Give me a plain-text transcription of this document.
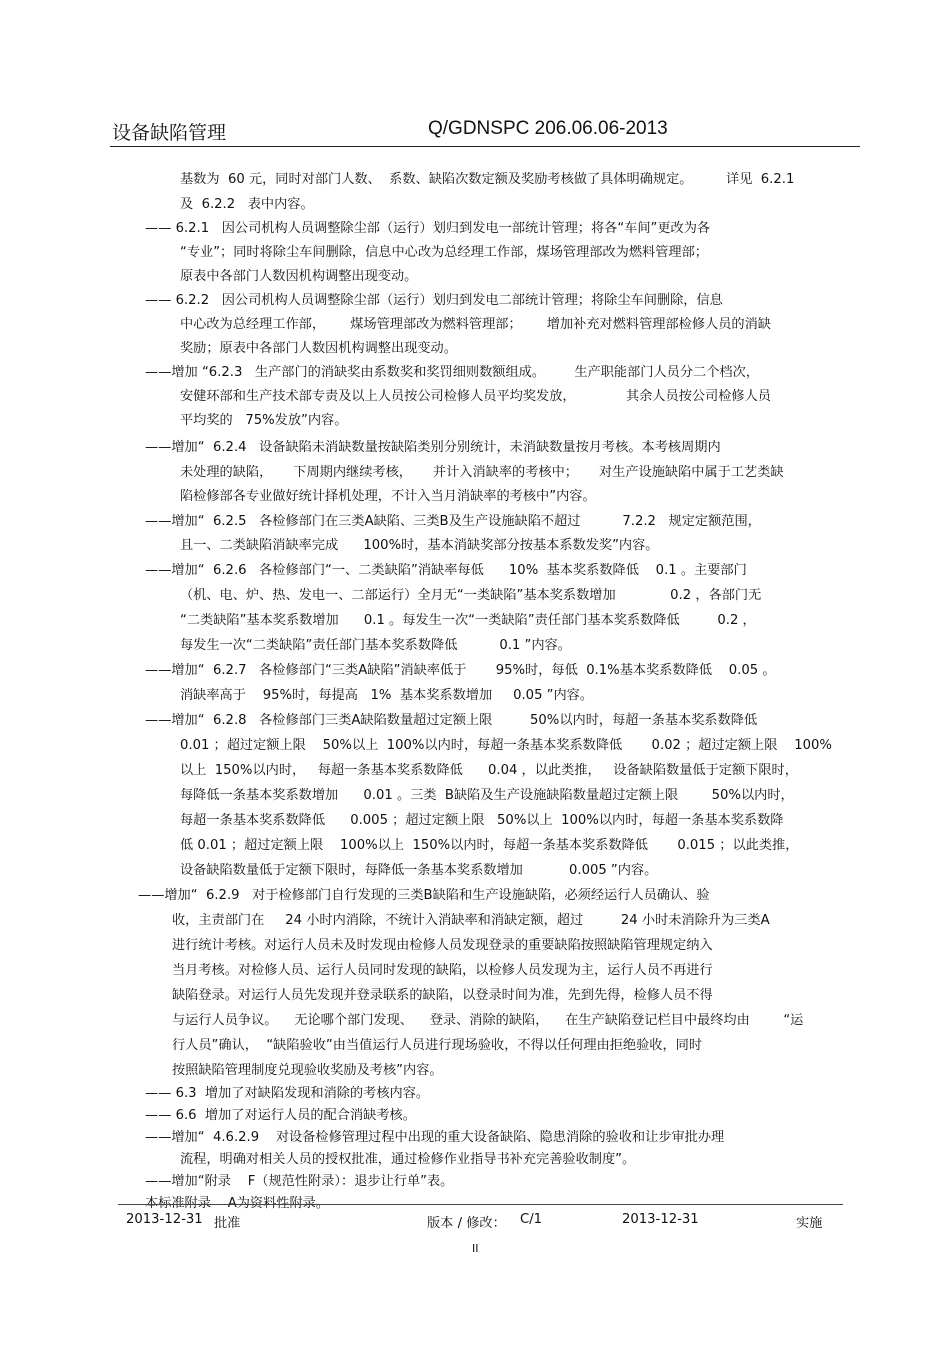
设备缺陷管理	Q/GDNSPC 206.06.06-2013
基数为  60 元，同时对部门人数、  系数、缺陷次数定额及奖励考核做了具体明确规定。        详见  6.2.1
及  6.2.2   表中内容。
—— 6.2.1   因公司机构人员调整除尘部（运行）划归到发电一部统计管理；将各“车间”更改为各
“专业”；同时将除尘车间删除，信息中心改为总经理工作部，煤场管理部改为燃料管理部；
原表中各部门人数因机构调整出现变动。
—— 6.2.2   因公司机构人员调整除尘部（运行）划归到发电二部统计管理；将除尘车间删除，信息
中心改为总经理工作部，      煤场管理部改为燃料管理部；      增加补充对燃料管理部检修人员的消缺
奖励；原表中各部门人数因机构调整出现变动。
——增加 “6.2.3   生产部门的消缺奖由系数奖和奖罚细则数额组成。       生产职能部门人员分二个档次，
安健环部和生产技术部专责及以上人员按公司检修人员平均奖发放，            其余人员按公司检修人员
平均奖的   75%发放”内容。
——增加“  6.2.4   设备缺陷未消缺数量按缺陷类别分别统计，未消缺数量按月考核。本考核周期内
未处理的缺陷，     下周期内继续考核，     并计入消缺率的考核中；     对生产设施缺陷中属于工艺类缺
陷检修部各专业做好统计择机处理，不计入当月消缺率的考核中”内容。
——增加“  6.2.5   各检修部门在三类A缺陷、三类B及生产设施缺陷不超过          7.2.2   规定定额范围，
且一、二类缺陷消缺率完成      100%时，基本消缺奖部分按基本系数发奖”内容。
——增加“  6.2.6   各检修部门“一、二类缺陷”消缺率每低      10%  基本奖系数降低    0.1 。主要部门
（机、电、炉、热、发电一、二部运行）全月无“一类缺陷”基本奖系数增加             0.2 ，各部门无
“二类缺陷”基本奖系数增加      0.1 。每发生一次“一类缺陷”责任部门基本奖系数降低         0.2 ，
每发生一次“二类缺陷”责任部门基本奖系数降低          0.1 ”内容。
——增加“  6.2.7   各检修部门“三类A缺陷”消缺率低于       95%时，每低  0.1%基本奖系数降低    0.05 。
消缺率高于    95%时，每提高   1%  基本奖系数增加     0.05 ”内容。
——增加“  6.2.8   各检修部门三类A缺陷数量超过定额上限         50%以内时，每超一条基本奖系数降低
0.01 ；超过定额上限    50%以上  100%以内时，每超一条基本奖系数降低       0.02 ；超过定额上限    100%
以上  150%以内时，   每超一条基本奖系数降低      0.04 ，以此类推，   设备缺陷数量低于定额下限时，
每降低一条基本奖系数增加      0.01 。三类  B缺陷及生产设施缺陷数量超过定额上限        50%以内时，
每超一条基本奖系数降低      0.005 ；超过定额上限   50%以上  100%以内时，每超一条基本奖系数降
低 0.01 ；超过定额上限    100%以上  150%以内时，每超一条基本奖系数降低       0.015 ；以此类推，
设备缺陷数量低于定额下限时，每降低一条基本奖系数增加           0.005 ”内容。
——增加“  6.2.9   对于检修部门自行发现的三类B缺陷和生产设施缺陷，必须经运行人员确认、验
收，主责部门在     24 小时内消除，不统计入消缺率和消缺定额，超过         24 小时未消除升为三类A
进行统计考核。对运行人员未及时发现由检修人员发现登录的重要缺陷按照缺陷管理规定纳入
当月考核。对检修人员、运行人员同时发现的缺陷，以检修人员发现为主，运行人员不再进行
缺陷登录。对运行人员先发现并登录联系的缺陷，以登录时间为准，先到先得，检修人员不得
与运行人员争议。    无论哪个部门发现、    登录、消除的缺陷，    在生产缺陷登记栏目中最终均由        “运
行人员”确认，  “缺陷验收”由当值运行人员进行现场验收，不得以任何理由拒绝验收，同时
按照缺陷管理制度兑现验收奖励及考核”内容。
—— 6.3  增加了对缺陷发现和消除的考核内容。
—— 6.6  增加了对运行人员的配合消缺考核。
——增加“  4.6.2.9    对设备检修管理过程中出现的重大设备缺陷、隐患消除的验收和让步审批办理
流程，明确对相关人员的授权批准，通过检修作业指导书补充完善验收制度”。
——增加“附录    F（规范性附录）：退步让行单”表。
本标准附录    A为资料性附录。
2013-12-31 批准	版本 / 修改： C/1	2013-12-31	实施
II
